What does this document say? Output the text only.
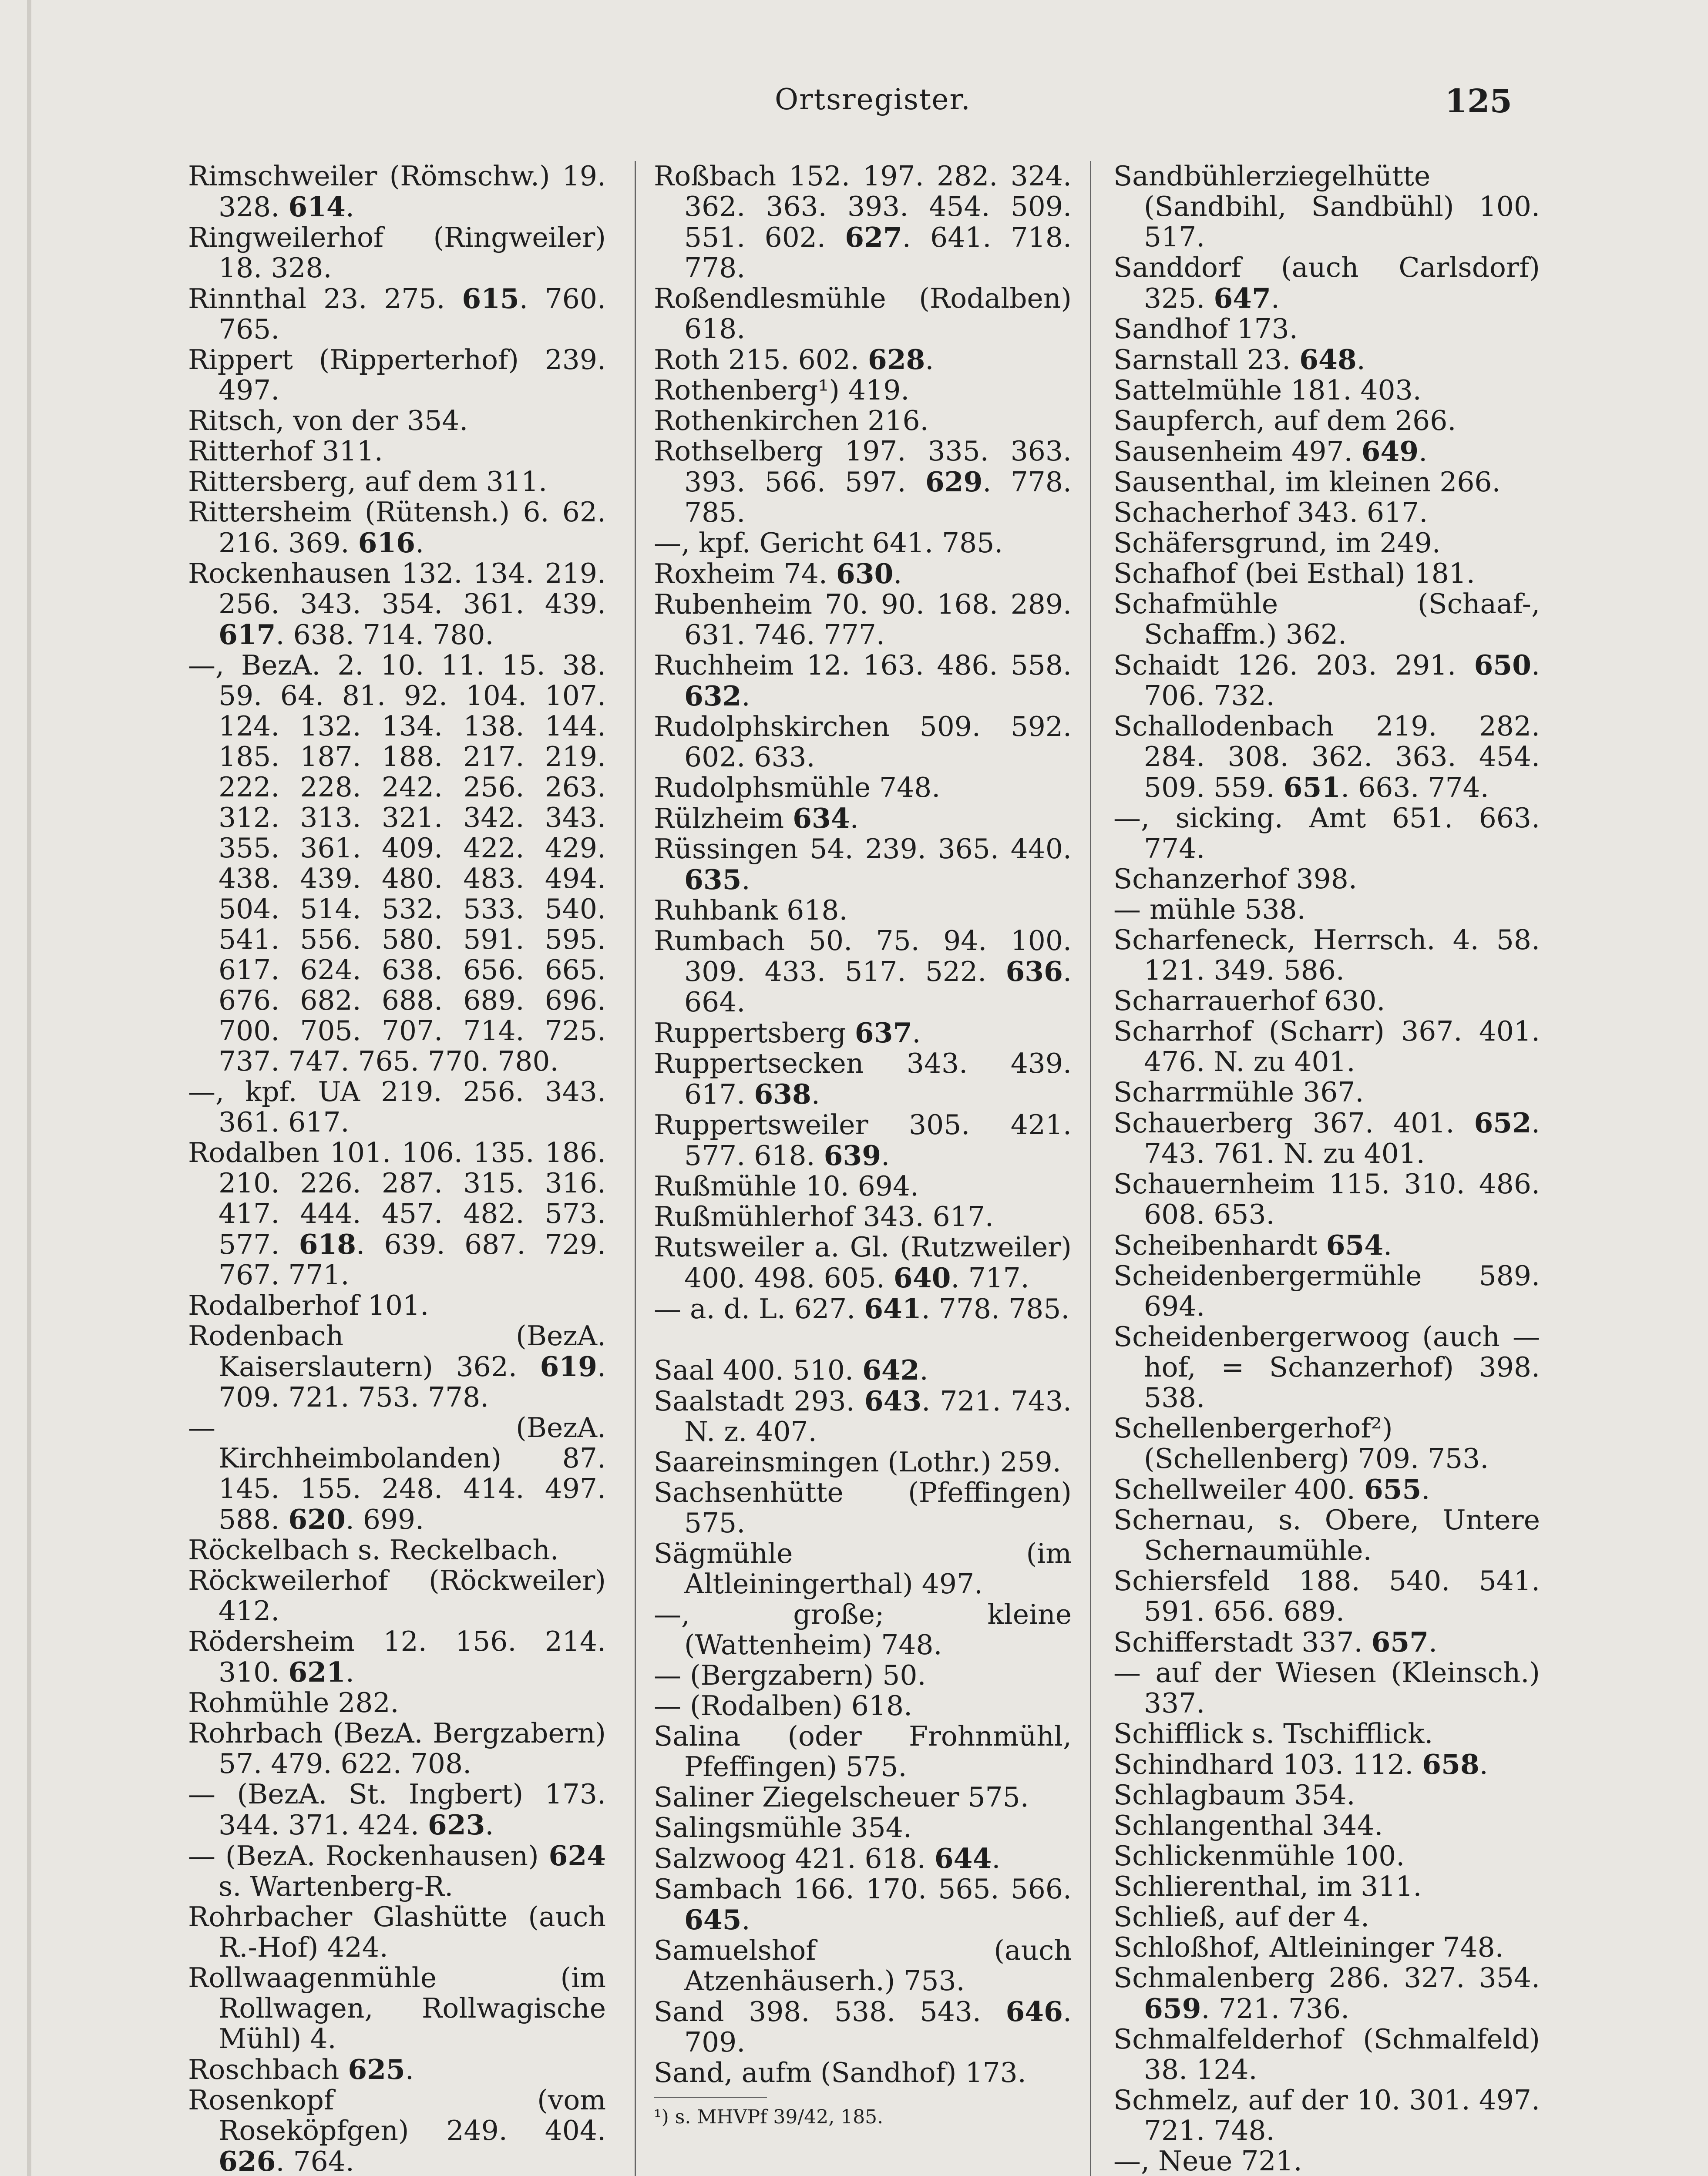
Ortsregister.	125
Rimschweiler (Römschw.) 19. 328. 614.
Ringweilerhof (Ringweiler) 18. 328.
Rinnthal 23. 275. 615. 760. 765.
Rippert (Ripperterhof) 239. 497.
Ritsch, von der 354.
Ritterhof 311.
Rittersberg, auf dem 311.
Rittersheim (Rütensh.) 6. 62. 216. 369. 616.
Rockenhausen 132. 134. 219. 256. 343. 354. 361. 439. 617. 638. 714. 780.
—, BezA. 2. 10. 11. 15. 38. 59. 64. 81. 92. 104. 107. 124. 132. 134. 138. 144. 185. 187. 188. 217. 219. 222. 228. 242. 256. 263. 312. 313. 321. 342. 343. 355. 361. 409. 422. 429. 438. 439. 480. 483. 494. 504. 514. 532. 533. 540. 541. 556. 580. 591. 595. 617. 624. 638. 656. 665. 676. 682. 688. 689. 696. 700. 705. 707. 714. 725. 737. 747. 765. 770. 780.
—, kpf. UA 219. 256. 343. 361. 617.
Rodalben 101. 106. 135. 186. 210. 226. 287. 315. 316. 417. 444. 457. 482. 573. 577. 618. 639. 687. 729. 767. 771.
Rodalberhof 101.
Rodenbach (BezA. Kaiserslautern) 362. 619. 709. 721. 753. 778.
— (BezA. Kirchheimbolanden) 87. 145. 155. 248. 414. 497. 588. 620. 699.
Röckelbach s. Reckelbach.
Röckweilerhof (Röckweiler) 412.
Rödersheim 12. 156. 214. 310. 621.
Rohmühle 282.
Rohrbach (BezA. Bergzabern) 57. 479. 622. 708.
— (BezA. St. Ingbert) 173. 344. 371. 424. 623.
— (BezA. Rockenhausen) 624 s. Wartenberg-R.
Rohrbacher Glashütte (auch R.-Hof) 424.
Rollwaagenmühle (im Rollwagen, Rollwagische Mühl) 4.
Roschbach 625.
Rosenkopf (vom Roseköpfgen) 249. 404. 626. 764.
Roßbach 152. 197. 282. 324. 362. 363. 393. 454. 509. 551. 602. 627. 641. 718. 778.
Roßendlesmühle (Rodalben) 618.
Roth 215. 602. 628.
Rothenberg¹) 419.
Rothenkirchen 216.
Rothselberg 197. 335. 363. 393. 566. 597. 629. 778. 785.
—, kpf. Gericht 641. 785.
Roxheim 74. 630.
Rubenheim 70. 90. 168. 289. 631. 746. 777.
Ruchheim 12. 163. 486. 558. 632.
Rudolphskirchen 509. 592. 602. 633.
Rudolphsmühle 748.
Rülzheim 634.
Rüssingen 54. 239. 365. 440. 635.
Ruhbank 618.
Rumbach 50. 75. 94. 100. 309. 433. 517. 522. 636. 664.
Ruppertsberg 637.
Ruppertsecken 343. 439. 617. 638.
Ruppertsweiler 305. 421. 577. 618. 639.
Rußmühle 10. 694.
Rußmühlerhof 343. 617.
Rutsweiler a. Gl. (Rutzweiler) 400. 498. 605. 640. 717.
— a. d. L. 627. 641. 778. 785.
Saal 400. 510. 642.
Saalstadt 293. 643. 721. 743. N. z. 407.
Saareinsmingen (Lothr.) 259.
Sachsenhütte (Pfeffingen) 575.
Sägmühle (im Altleiningerthal) 497.
—, große; kleine (Wattenheim) 748.
— (Bergzabern) 50.
— (Rodalben) 618.
Salina (oder Frohnmühl, Pfeffingen) 575.
Saliner Ziegelscheuer 575.
Salingsmühle 354.
Salzwoog 421. 618. 644.
Sambach 166. 170. 565. 566. 645.
Samuelshof (auch Atzenhäuserh.) 753.
Sand 398. 538. 543. 646. 709.
Sand, aufm (Sandhof) 173.
¹) s. MHVPf 39/42, 185.
Sandbühlerziegelhütte (Sandbihl, Sandbühl) 100. 517.
Sanddorf (auch Carlsdorf) 325. 647.
Sandhof 173.
Sarnstall 23. 648.
Sattelmühle 181. 403.
Saupferch, auf dem 266.
Sausenheim 497. 649.
Sausenthal, im kleinen 266.
Schacherhof 343. 617.
Schäfersgrund, im 249.
Schafhof (bei Esthal) 181.
Schafmühle (Schaaf-, Schaffm.) 362.
Schaidt 126. 203. 291. 650. 706. 732.
Schallodenbach 219. 282. 284. 308. 362. 363. 454. 509. 559. 651. 663. 774.
—, sicking. Amt 651. 663. 774.
Schanzerhof 398.
— mühle 538.
Scharfeneck, Herrsch. 4. 58. 121. 349. 586.
Scharrauerhof 630.
Scharrhof (Scharr) 367. 401. 476. N. zu 401.
Scharrmühle 367.
Schauerberg 367. 401. 652. 743. 761. N. zu 401.
Schauernheim 115. 310. 486. 608. 653.
Scheibenhardt 654.
Scheidenbergermühle 589. 694.
Scheidenbergerwoog (auch —hof, = Schanzerhof) 398. 538.
Schellenbergerhof²) (Schellenberg) 709. 753.
Schellweiler 400. 655.
Schernau, s. Obere, Untere Schernaumühle.
Schiersfeld 188. 540. 541. 591. 656. 689.
Schifferstadt 337. 657.
— auf der Wiesen (Kleinsch.) 337.
Schifflick s. Tschifflick.
Schindhard 103. 112. 658.
Schlagbaum 354.
Schlangenthal 344.
Schlickenmühle 100.
Schlierenthal, im 311.
Schließ, auf der 4.
Schloßhof, Altleininger 748.
Schmalenberg 286. 327. 354. 659. 721. 736.
Schmalfelderhof (Schmalfeld) 38. 124.
Schmelz, auf der 10. 301. 497. 721. 748.
—, Neue 721.
